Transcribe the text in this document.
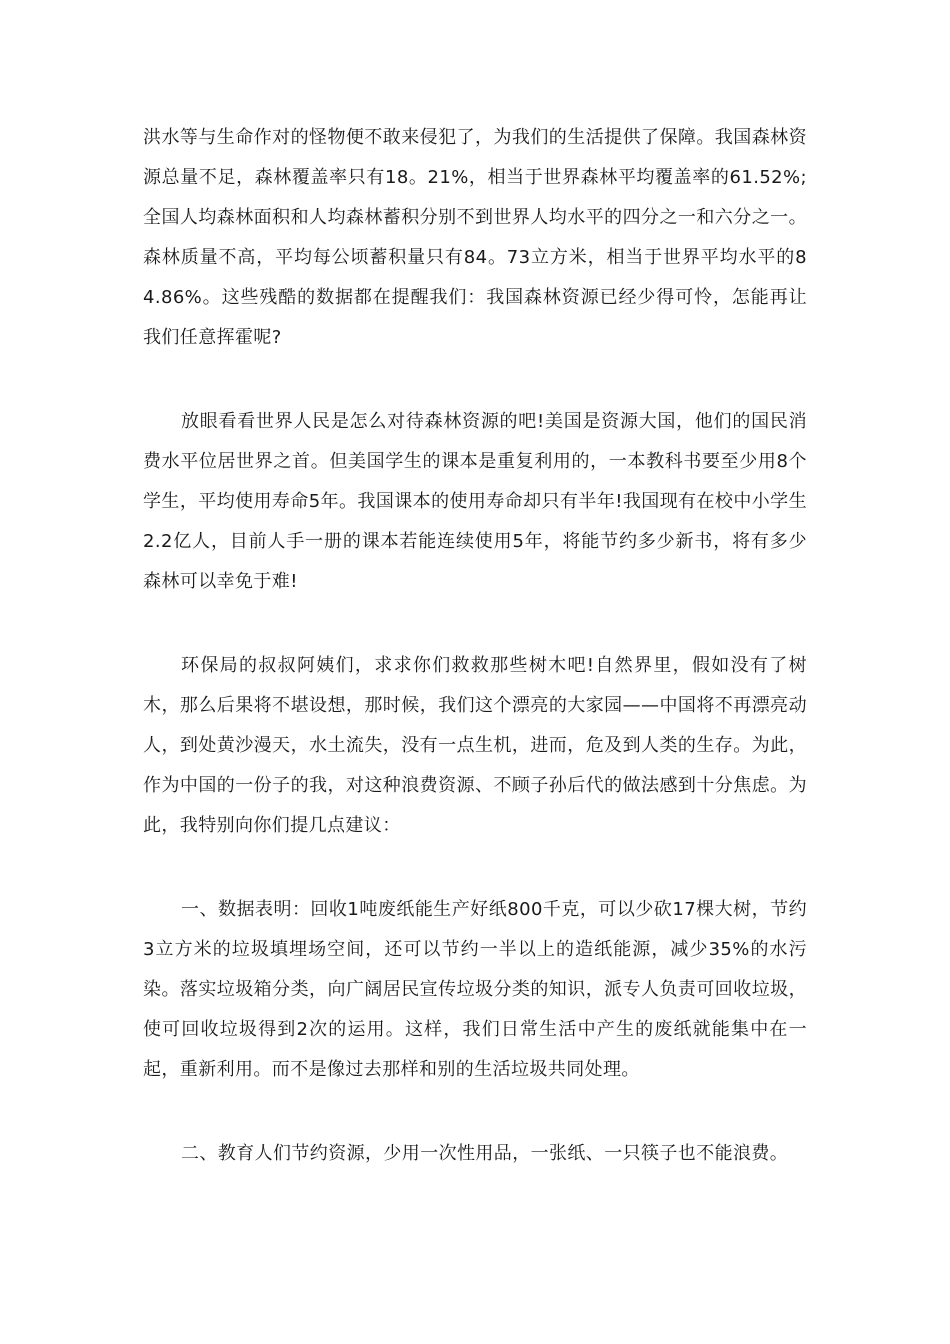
洪水等与生命作对的怪物便不敢来侵犯了，为我们的生活提供了保障。我国森林资源总量不足，森林覆盖率只有18。21%，相当于世界森林平均覆盖率的61.52%;全国人均森林面积和人均森林蓄积分别不到世界人均水平的四分之一和六分之一。森林质量不高，平均每公顷蓄积量只有84。73立方米，相当于世界平均水平的84.86%。这些残酷的数据都在提醒我们：我国森林资源已经少得可怜，怎能再让我们任意挥霍呢?

放眼看看世界人民是怎么对待森林资源的吧!美国是资源大国，他们的国民消费水平位居世界之首。但美国学生的课本是重复利用的，一本教科书要至少用8个学生，平均使用寿命5年。我国课本的使用寿命却只有半年!我国现有在校中小学生2.2亿人，目前人手一册的课本若能连续使用5年，将能节约多少新书，将有多少森林可以幸免于难!

环保局的叔叔阿姨们，求求你们救救那些树木吧!自然界里，假如没有了树木，那么后果将不堪设想，那时候，我们这个漂亮的大家园——中国将不再漂亮动人，到处黄沙漫天，水土流失，没有一点生机，进而，危及到人类的生存。为此，作为中国的一份子的我，对这种浪费资源、不顾子孙后代的做法感到十分焦虑。为此，我特别向你们提几点建议：

一、数据表明：回收1吨废纸能生产好纸800千克，可以少砍17棵大树，节约3立方米的垃圾填埋场空间，还可以节约一半以上的造纸能源，减少35%的水污染。落实垃圾箱分类，向广阔居民宣传垃圾分类的知识，派专人负责可回收垃圾，使可回收垃圾得到2次的运用。这样，我们日常生活中产生的废纸就能集中在一起，重新利用。而不是像过去那样和别的生活垃圾共同处理。

二、教育人们节约资源，少用一次性用品，一张纸、一只筷子也不能浪费。
